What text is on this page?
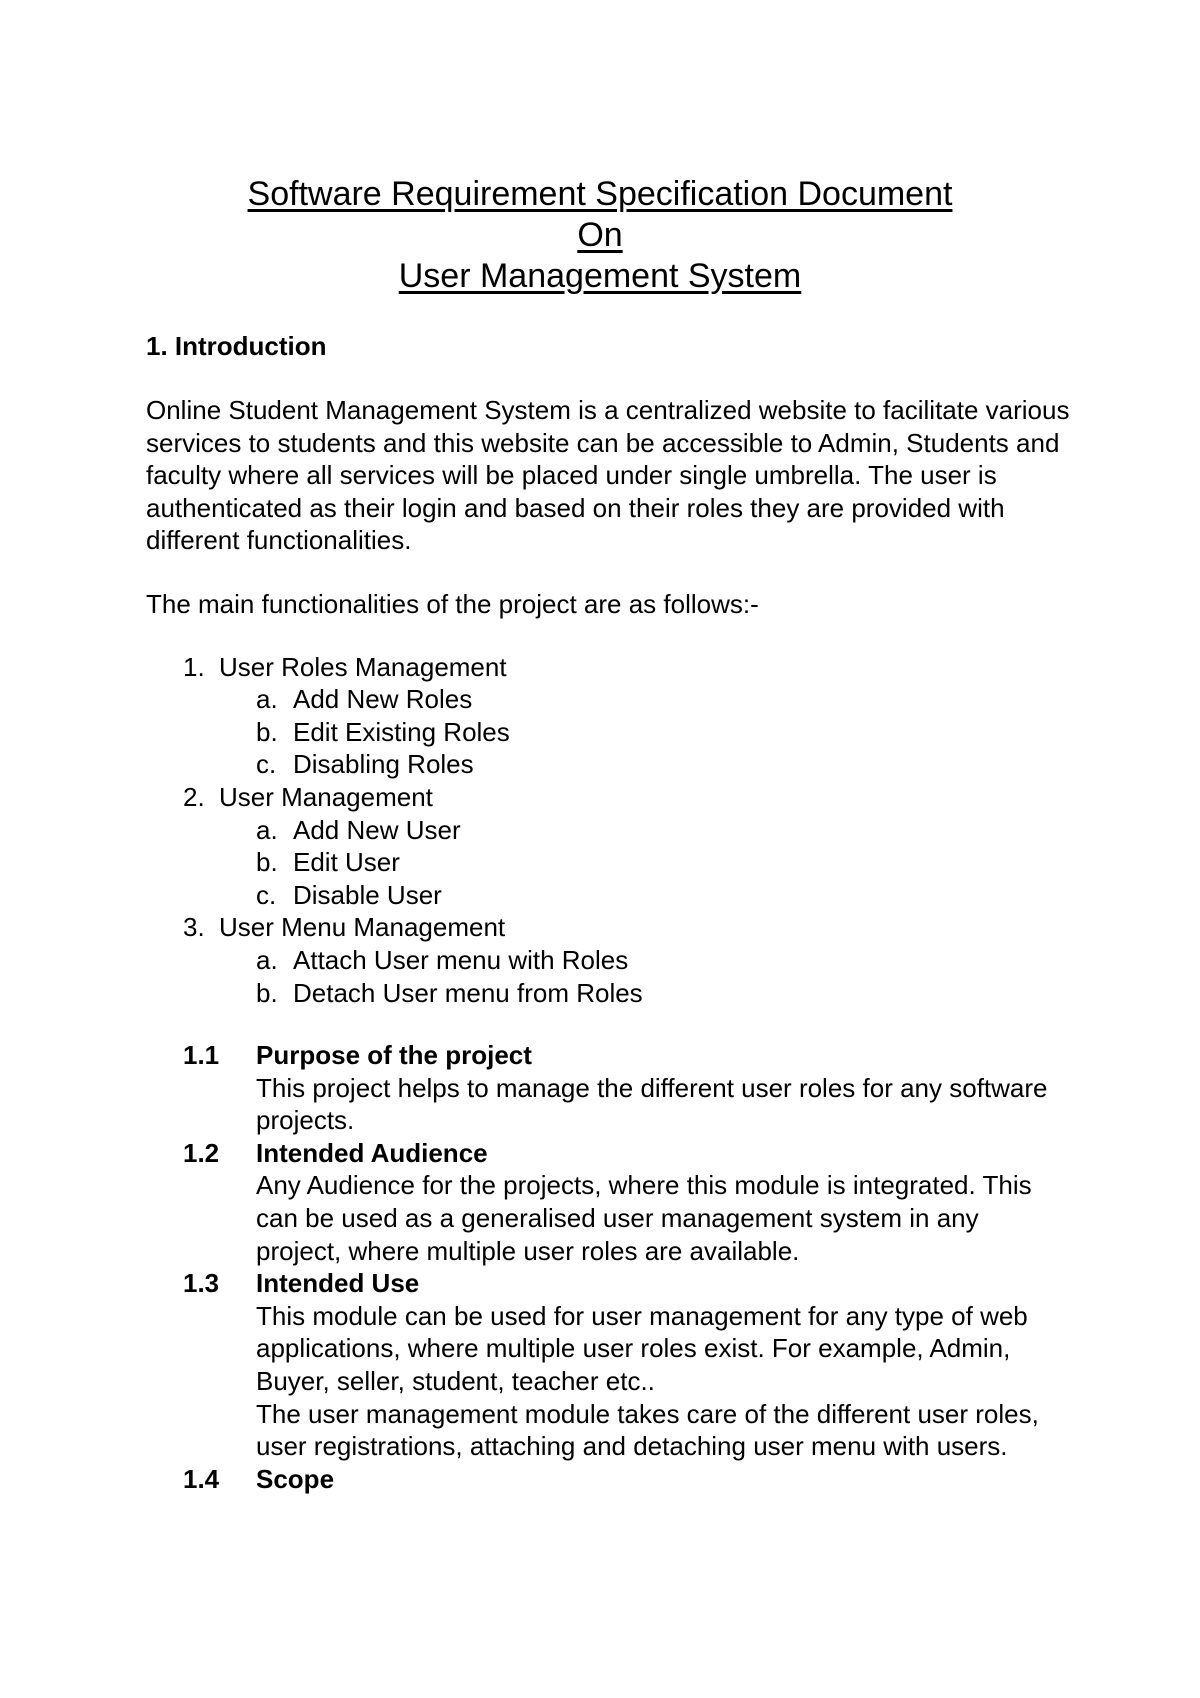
Software Requirement Specification Document
On
User Management System
1. Introduction

Online Student Management System is a centralized website to facilitate various services to students and this website can be accessible to Admin, Students and faculty where all services will be placed under single umbrella. The user is authenticated as their login and based on their roles they are provided with different functionalities.

The main functionalities of the project are as follows:-

1. User Roles Management
a. Add New Roles
b. Edit Existing Roles
c. Disabling Roles
2. User Management
a. Add New User
b. Edit User
c. Disable User
3. User Menu Management
a. Attach User menu with Roles
b. Detach User menu from Roles
1.1 Purpose of the project
This project helps to manage the different user roles for any software projects.
1.2 Intended Audience
Any Audience for the projects, where this module is integrated. This can be used as a generalised user management system in any project, where multiple user roles are available.
1.3 Intended Use
This module can be used for user management for any type of web applications, where multiple user roles exist. For example, Admin, Buyer, seller, student, teacher etc..
The user management module takes care of the different user roles, user registrations, attaching and detaching user menu with users.
1.4 Scope
